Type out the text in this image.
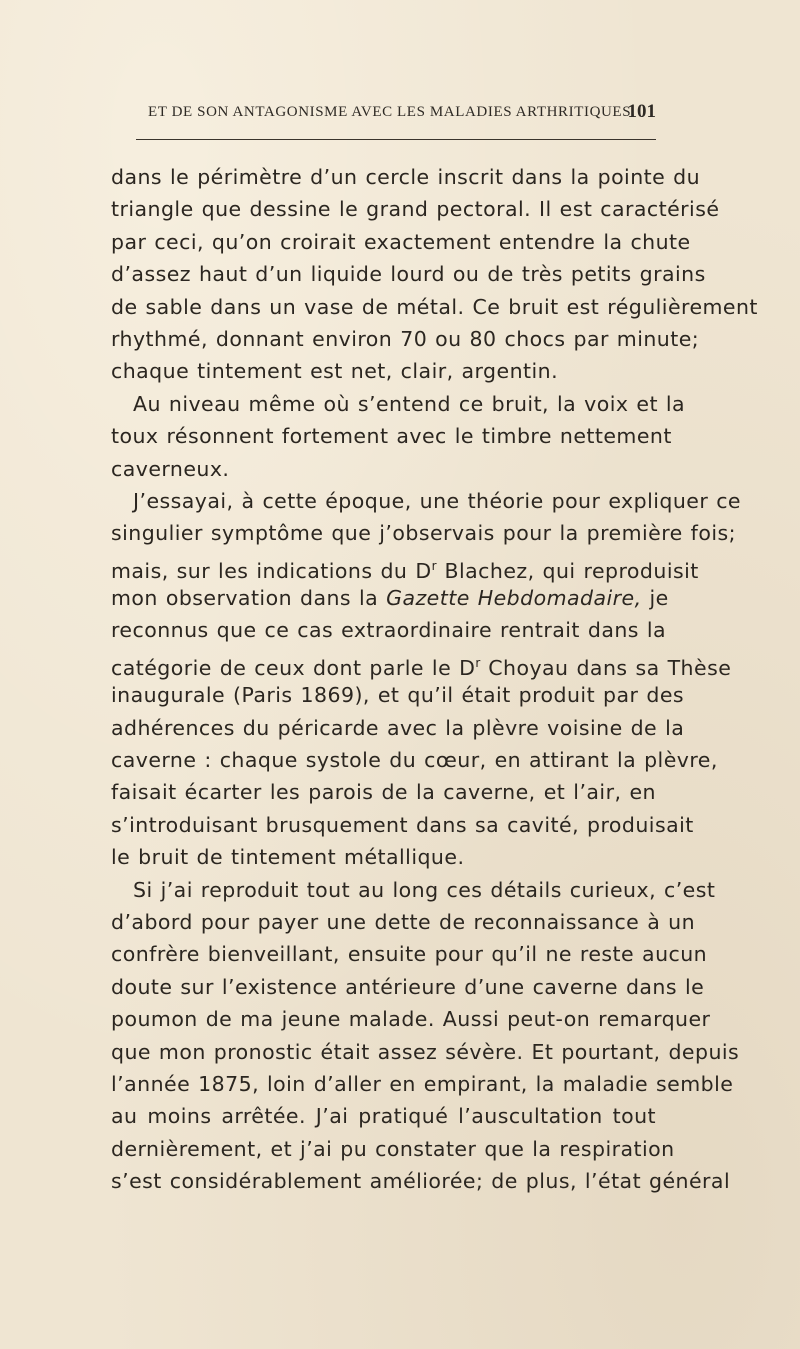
ET DE SON ANTAGONISME AVEC LES MALADIES ARTHRITIQUES.
101
dans le périmètre d’un cercle inscrit dans la pointe du
triangle que dessine le grand pectoral. Il est caractérisé
par ceci, qu’on croirait exactement entendre la chute
d’assez haut d’un liquide lourd ou de très petits grains
de sable dans un vase de métal. Ce bruit est régulièrement
rhythmé, donnant environ 70 ou 80 chocs par minute;
chaque tintement est net, clair, argentin.
Au niveau même où s’entend ce bruit, la voix et la
toux résonnent fortement avec le timbre nettement
caverneux.
J’essayai, à cette époque, une théorie pour expliquer ce
singulier symptôme que j’observais pour la première fois;
mais, sur les indications du $D^r$ Blachez, qui reproduisit
mon observation dans la Gazette Hebdomadaire, je
reconnus que ce cas extraordinaire rentrait dans la
catégorie de ceux dont parle le $D^r$ Choyau dans sa Thèse
inaugurale (Paris 1869), et qu’il était produit par des
adhérences du péricarde avec la plèvre voisine de la
caverne : chaque systole du cœur, en attirant la plèvre,
faisait écarter les parois de la caverne, et l’air, en
s’introduisant brusquement dans sa cavité, produisait
le bruit de tintement métallique.
Si j’ai reproduit tout au long ces détails curieux, c’est
d’abord pour payer une dette de reconnaissance à un
confrère bienveillant, ensuite pour qu’il ne reste aucun
doute sur l’existence antérieure d’une caverne dans le
poumon de ma jeune malade. Aussi peut-on remarquer
que mon pronostic était assez sévère. Et pourtant, depuis
l’année 1875, loin d’aller en empirant, la maladie semble
au moins arrêtée. J’ai pratiqué l’auscultation tout
dernièrement, et j’ai pu constater que la respiration
s’est considérablement améliorée; de plus, l’état général
